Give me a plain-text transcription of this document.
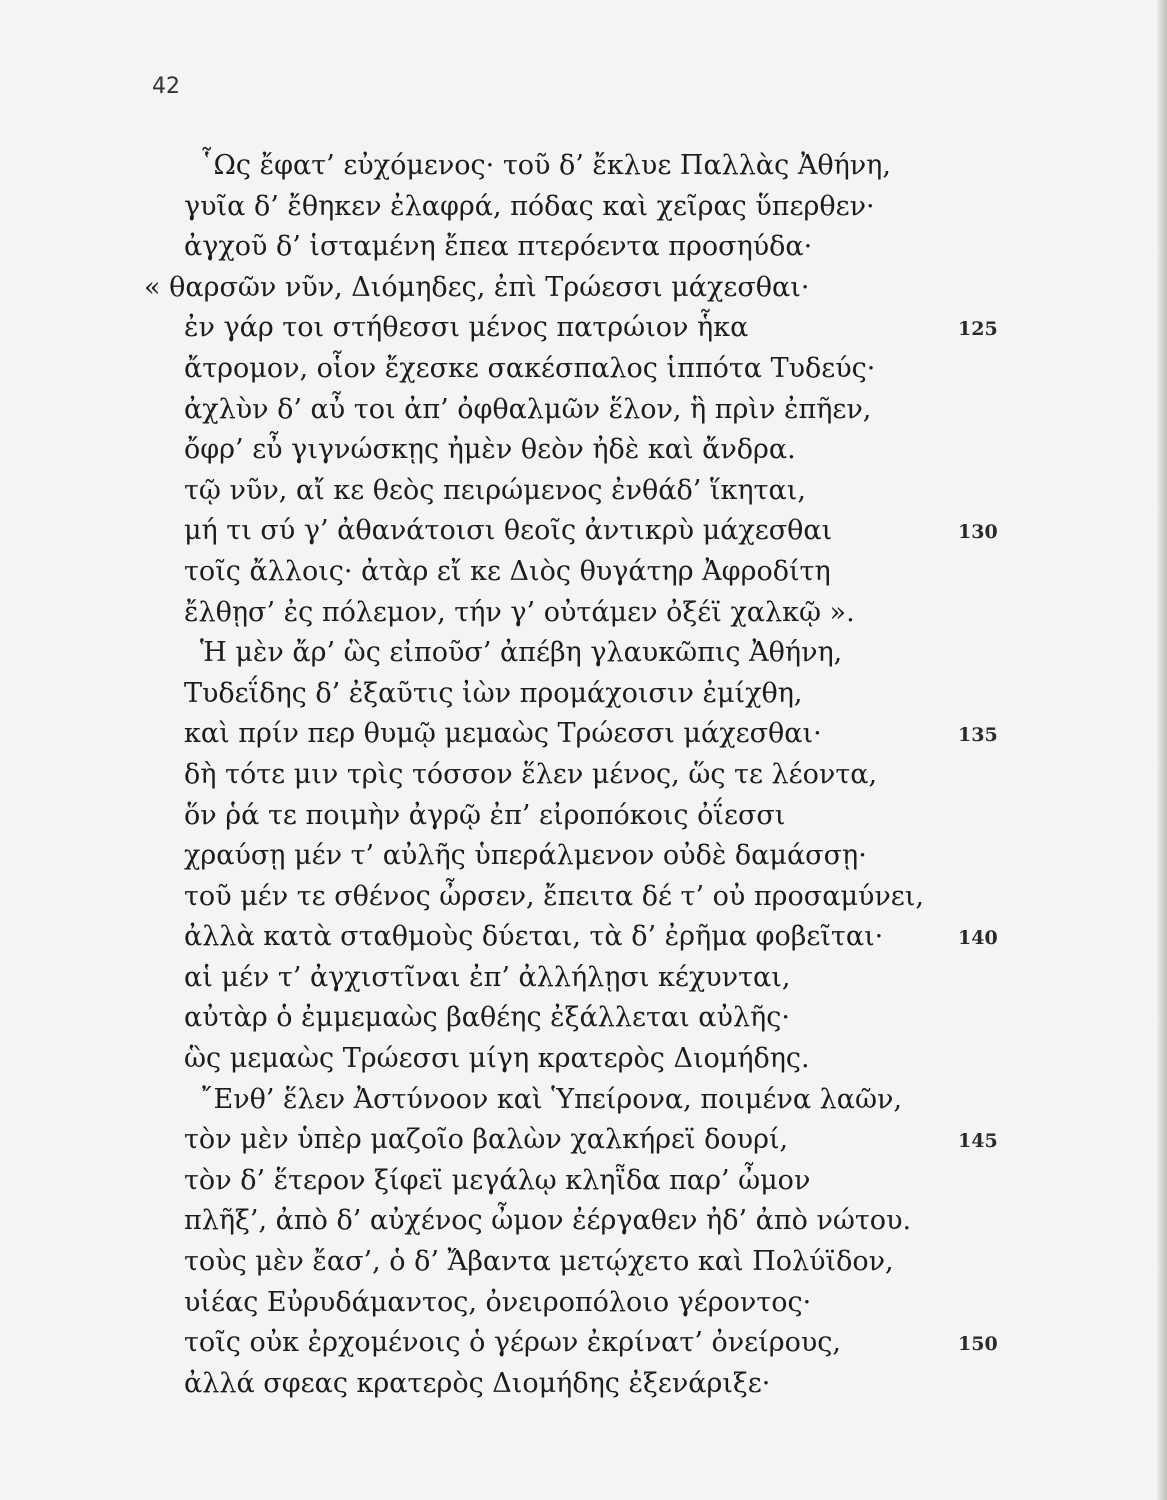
42
῟Ως ἔφατ’ εὐχόμενος· τοῦ δ’ ἔκλυε Παλλὰς Ἀθήνη,
γυῖα δ’ ἔθηκεν ἐλαφρά, πόδας καὶ χεῖρας ὕπερθεν·
ἀγχοῦ δ’ ἱσταμένη ἔπεα πτερόεντα προσηύδα·
« θαρσῶν νῦν, Διόμηδες, ἐπὶ Τρώεσσι μάχεσθαι·
ἐν γάρ τοι στήθεσσι μένος πατρώιον ἧκα	125
ἄτρομον, οἷον ἔχεσκε σακέσπαλος ἱππότα Τυδεύς·
ἀχλὺν δ’ αὖ τοι ἀπ’ ὀφθαλμῶν ἕλον, ἣ πρὶν ἐπῆεν,
ὄφρ’ εὖ γιγνώσκῃς ἠμὲν θεὸν ἠδὲ καὶ ἄνδρα.
τῷ νῦν, αἴ κε θεὸς πειρώμενος ἐνθάδ’ ἵκηται,
μή τι σύ γ’ ἀθανάτοισι θεοῖς ἀντικρὺ μάχεσθαι	130
τοῖς ἄλλοις· ἀτὰρ εἴ κε Διὸς θυγάτηρ Ἀφροδίτη
ἔλθῃσ’ ἐς πόλεμον, τήν γ’ οὐτάμεν ὀξέϊ χαλκῷ ».
Ἡ μὲν ἄρ’ ὣς εἰποῦσ’ ἀπέβη γλαυκῶπις Ἀθήνη,
Τυδεΐδης δ’ ἐξαῦτις ἰὼν προμάχοισιν ἐμίχθη,
καὶ πρίν περ θυμῷ μεμαὼς Τρώεσσι μάχεσθαι·	135
δὴ τότε μιν τρὶς τόσσον ἕλεν μένος, ὥς τε λέοντα,
ὅν ῥά τε ποιμὴν ἀγρῷ ἐπ’ εἰροπόκοις ὀΐεσσι
χραύσῃ μέν τ’ αὐλῆς ὑπεράλμενον οὐδὲ δαμάσσῃ·
τοῦ μέν τε σθένος ὦρσεν, ἔπειτα δέ τ’ οὐ προσαμύνει,
ἀλλὰ κατὰ σταθμοὺς δύεται, τὰ δ’ ἐρῆμα φοβεῖται·	140
αἱ μέν τ’ ἀγχιστῖναι ἐπ’ ἀλλήλῃσι κέχυνται,
αὐτὰρ ὁ ἐμμεμαὼς βαθέης ἐξάλλεται αὐλῆς·
ὣς μεμαὼς Τρώεσσι μίγη κρατερὸς Διομήδης.
῎Ενθ’ ἕλεν Ἀστύνοον καὶ Ὑπείρονα, ποιμένα λαῶν,
τὸν μὲν ὑπὲρ μαζοῖο βαλὼν χαλκήρεϊ δουρί,	145
τὸν δ’ ἕτερον ξίφεϊ μεγάλῳ κληῗδα παρ’ ὦμον
πλῆξ’, ἀπὸ δ’ αὐχένος ὦμον ἐέργαθεν ἠδ’ ἀπὸ νώτου.
τοὺς μὲν ἔασ’, ὁ δ’ Ἄβαντα μετῴχετο καὶ Πολύϊδον,
υἱέας Εὐρυδάμαντος, ὀνειροπόλοιο γέροντος·
τοῖς οὐκ ἐρχομένοις ὁ γέρων ἐκρίνατ’ ὀνείρους,	150
ἀλλά σφεας κρατερὸς Διομήδης ἐξενάριξε·
